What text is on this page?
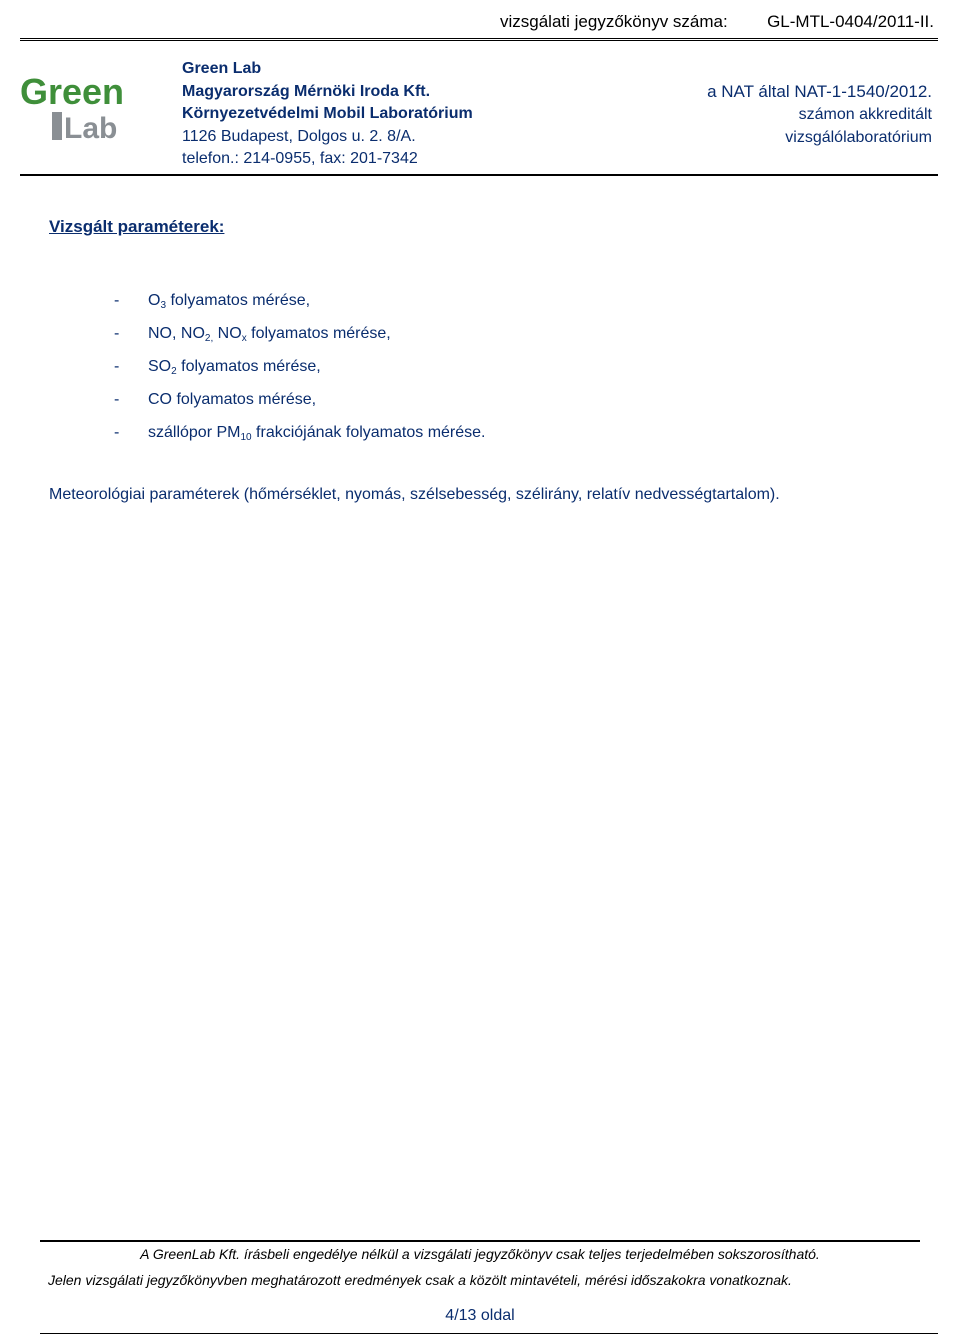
vizsgálati jegyzőkönyv száma: GL-MTL-0404/2011-II.
Green
Lab
Green Lab
Magyarország Mérnöki Iroda Kft.
Környezetvédelmi Mobil Laboratórium
1126 Budapest, Dolgos u. 2. 8/A.
telefon.: 214-0955, fax: 201-7342
a NAT által NAT-1-1540/2012.
számon akkreditált
vizsgálólaboratórium
Vizsgált paraméterek:
-	$O_3$ folyamatos mérése,
-	NO, $NO_{2,}$ $NO_x$ folyamatos mérése,
-	$SO_2$ folyamatos mérése,
-	CO folyamatos mérése,
-	szállópor $PM_{10}$ frakciójának folyamatos mérése.
Meteorológiai paraméterek (hőmérséklet, nyomás, szélsebesség, szélirány, relatív nedvességtartalom).
A GreenLab Kft. írásbeli engedélye nélkül a vizsgálati jegyzőkönyv csak teljes terjedelmében sokszorosítható.
Jelen vizsgálati jegyzőkönyvben meghatározott eredmények csak a közölt mintavételi, mérési időszakokra vonatkoznak.
4/13 oldal
